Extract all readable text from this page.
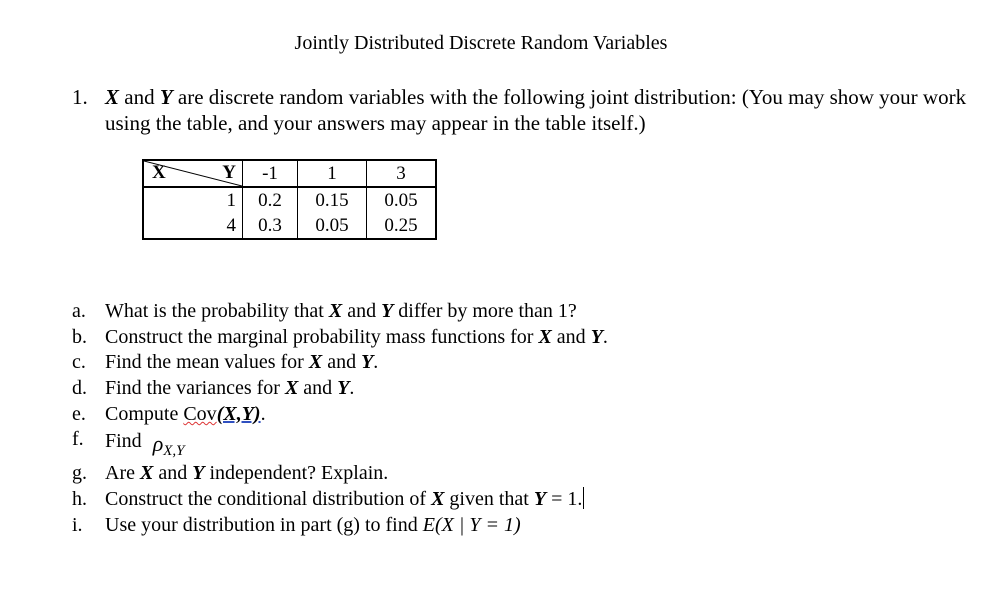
Jointly Distributed Discrete Random Variables
1. X and Y are discrete random variables with the following joint distribution: (You may show your work using the table, and your answers may appear in the table itself.)
X Y	-1	1	3
1	0.2	0.15	0.05
4	0.3	0.05	0.25
a. What is the probability that X and Y differ by more than 1?
b. Construct the marginal probability mass functions for X and Y.
c. Find the mean values for X and Y.
d. Find the variances for X and Y.
e. Compute Cov(X,Y).
f.	Find $\rho_{X,Y}$
g. Are X and Y independent? Explain.
h. Construct the conditional distribution of X given that Y = 1.
i.	Use your distribution in part (g) to find E(X | Y = 1)
